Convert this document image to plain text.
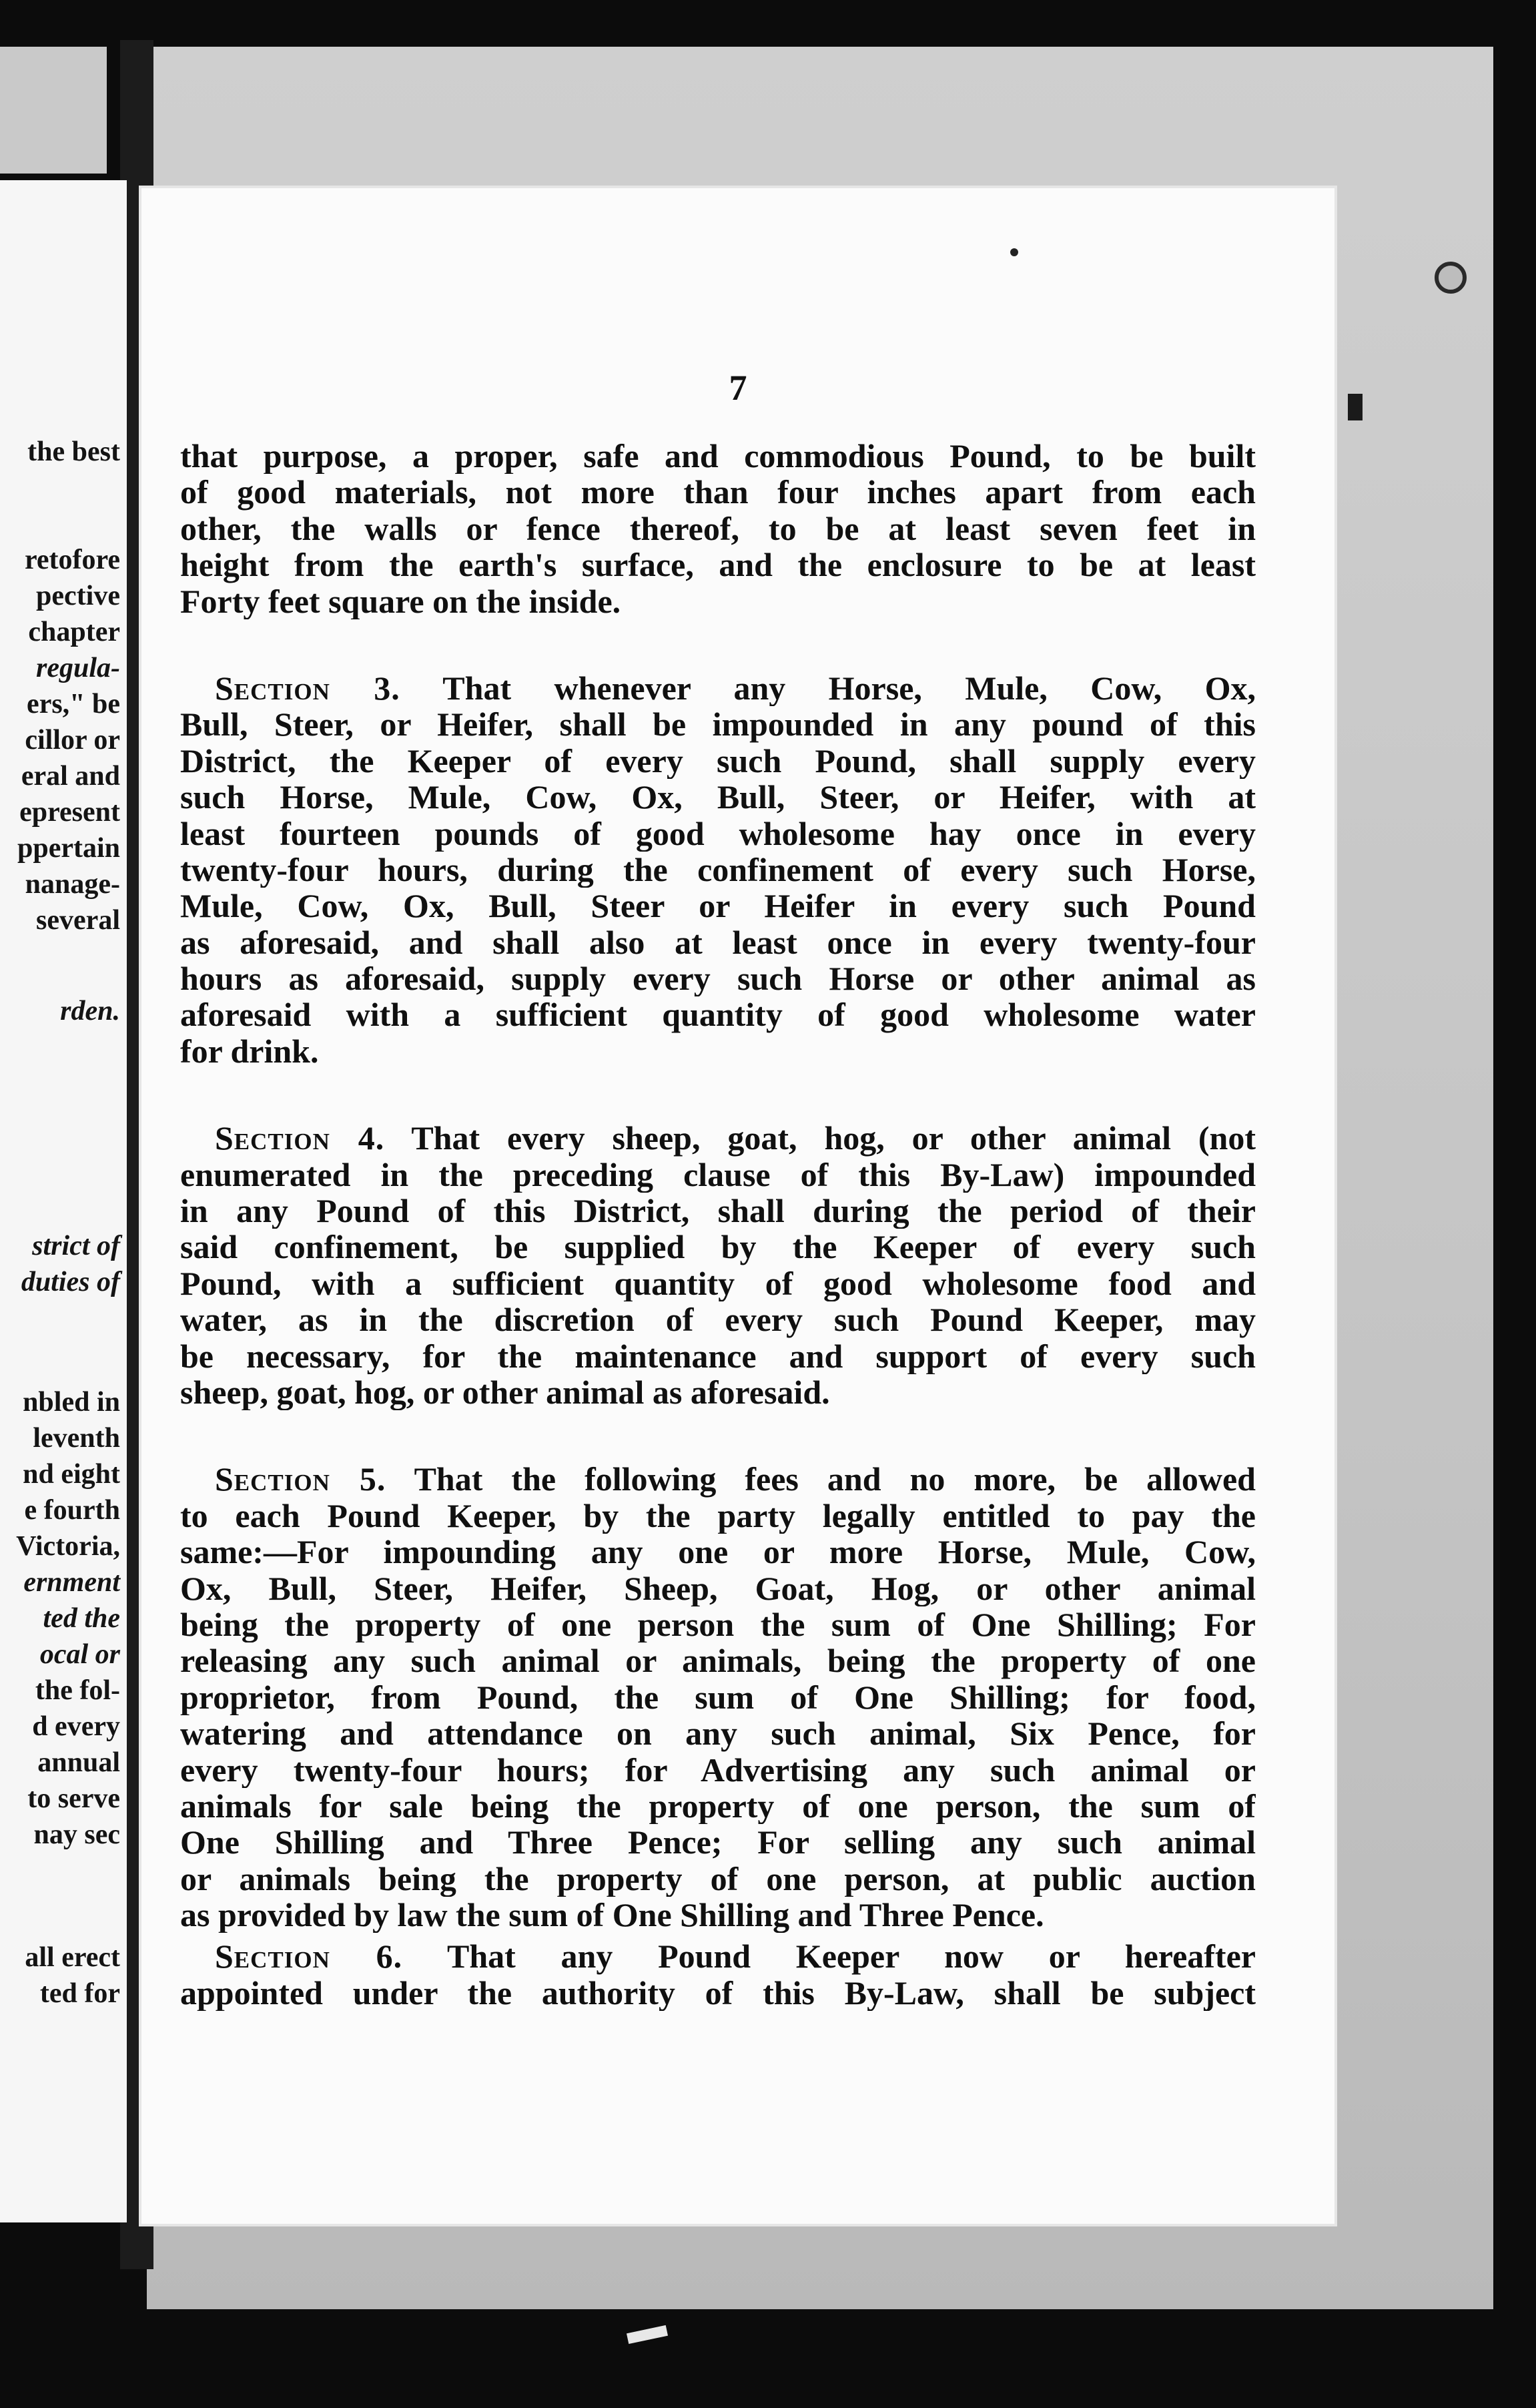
the best
retofore
pective
chapter
regula-
ers," be
cillor or
eral and
epresent
ppertain
nanage-
several
rden.
strict of
duties of
nbled in
leventh
nd eight
e fourth
Victoria,
ernment
ted the
ocal or
the fol-
d every
annual
to serve
nay sec
all erect
ted for
7
that purpose, a proper, safe and commodious Pound, to be built
of good materials, not more than four inches apart from each
other, the walls or fence thereof, to be at least seven feet in
height from the earth's surface, and the enclosure to be at least
Forty feet square on the inside.
Section 3. That whenever any Horse, Mule, Cow, Ox,
Bull, Steer, or Heifer, shall be impounded in any pound of this
District, the Keeper of every such Pound, shall supply every
such Horse, Mule, Cow, Ox, Bull, Steer, or Heifer, with at
least fourteen pounds of good wholesome hay once in every
twenty-four hours, during the confinement of every such Horse,
Mule, Cow, Ox, Bull, Steer or Heifer in every such Pound
as aforesaid, and shall also at least once in every twenty-four
hours as aforesaid, supply every such Horse or other animal as
aforesaid with a sufficient quantity of good wholesome water
for drink.
Section 4. That every sheep, goat, hog, or other animal (not
enumerated in the preceding clause of this By-Law) impounded
in any Pound of this District, shall during the period of their
said confinement, be supplied by the Keeper of every such
Pound, with a sufficient quantity of good wholesome food and
water, as in the discretion of every such Pound Keeper, may
be necessary, for the maintenance and support of every such
sheep, goat, hog, or other animal as aforesaid.
Section 5. That the following fees and no more, be allowed
to each Pound Keeper, by the party legally entitled to pay the
same:—For impounding any one or more Horse, Mule, Cow,
Ox, Bull, Steer, Heifer, Sheep, Goat, Hog, or other animal
being the property of one person the sum of One Shilling; For
releasing any such animal or animals, being the property of one
proprietor, from Pound, the sum of One Shilling; for food,
watering and attendance on any such animal, Six Pence, for
every twenty-four hours; for Advertising any such animal or
animals for sale being the property of one person, the sum of
One Shilling and Three Pence; For selling any such animal
or animals being the property of one person, at public auction
as provided by law the sum of One Shilling and Three Pence.
Section 6. That any Pound Keeper now or hereafter
appointed under the authority of this By-Law, shall be subject
